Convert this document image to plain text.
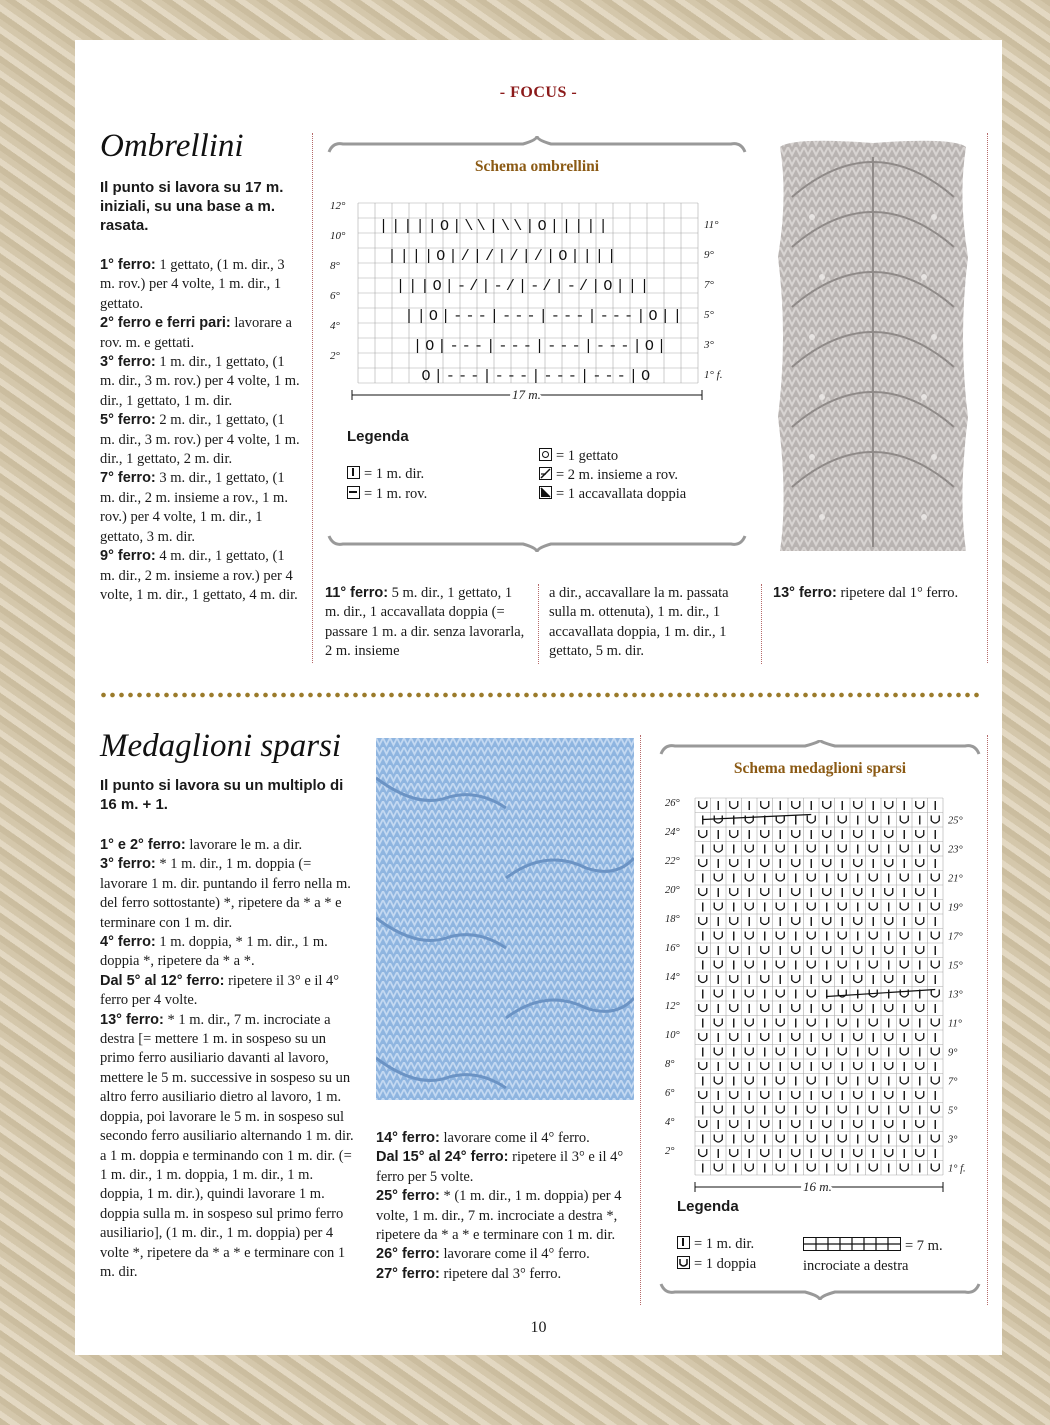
- FOCUS -
Ombrellini
Il punto si lavora su 17 m. iniziali, su una base a m. rasata.

1° ferro: 1 gettato, (1 m. dir., 3 m. rov.) per 4 volte, 1 m. dir., 1 gettato.

2° ferro e ferri pari: lavorare a rov. m. e gettati.

3° ferro: 1 m. dir., 1 gettato, (1 m. dir., 3 m. rov.) per 4 volte, 1 m. dir., 1 gettato, 1 m. dir.

5° ferro: 2 m. dir., 1 gettato, (1 m. dir., 3 m. rov.) per 4 volte, 1 m. dir., 1 gettato, 2 m. dir.

7° ferro: 3 m. dir., 1 gettato, (1 m. dir., 2 m. insieme a rov., 1 m. rov.) per 4 volte, 1 m. dir., 1 gettato, 3 m. dir.

9° ferro: 4 m. dir., 1 gettato, (1 m. dir., 2 m. insieme a rov.) per 4 volte, 1 m. dir., 1 gettato, 4 m. dir.

Schema ombrellini
12°
10°
8°
6°
4°
2°
11°
9°
7°
5°
3°
1° f.
|||||O|\\|\\|O|||||
||||O|/|/|/|/|O||||
|||O|-/|-/|-/|-/|O|||
||O|---|---|---|---|O||
|O|---|---|---|---|O|
O|---|---|---|---|O
17 m.
Legenda
= 1 m. dir.
= 1 m. rov.
= 1 gettato
= 2 m. insieme a rov.
= 1 accavallata doppia
11° ferro: 5 m. dir., 1 gettato, 1 m. dir., 1 accavallata doppia (= passare 1 m. a dir. senza lavorarla, 2 m. insieme
a dir., accavallare la m. passata sulla m. ottenuta), 1 m. dir., 1 accavallata doppia, 1 m. dir., 1 gettato, 5 m. dir.
13° ferro: ripetere dal 1° ferro.
Medaglioni sparsi
Il punto si lavora su un multiplo di 16 m. + 1.

1° e 2° ferro: lavorare le m. a dir.

3° ferro: * 1 m. dir., 1 m. doppia (= lavorare 1 m. dir. puntando il ferro nella m. del ferro sottostante) *, ripetere da * a * e terminare con 1 m. dir.

4° ferro: 1 m. doppia, * 1 m. dir., 1 m. doppia *, ripetere da * a *.

Dal 5° al 12° ferro: ripetere il 3° e il 4° ferro per 4 volte.

13° ferro: * 1 m. dir., 7 m. incrociate a destra [= mettere 1 m. in sospeso su un primo ferro ausiliario davanti al lavoro, mettere le 5 m. successive in sospeso su un altro ferro ausiliario dietro al lavoro, 1 m. doppia, poi lavorare le 5 m. in sospeso sul secondo ferro ausiliario alternando 1 m. dir. a 1 m. doppia e terminando con 1 m. dir. (= 1 m. dir., 1 m. doppia, 1 m. dir., 1 m. doppia, 1 m. dir.), quindi lavorare 1 m. doppia sulla m. in sospeso sul primo ferro ausiliario], (1 m. dir., 1 m. doppia) per 4 volte *, ripetere da * a * e terminare con 1 m. dir.

14° ferro: lavorare come il 4° ferro.

Dal 15° al 24° ferro: ripetere il 3° e il 4° ferro per 5 volte.

25° ferro: * (1 m. dir., 1 m. doppia) per 4 volte, 1 m. dir., 7 m. incrociate a destra *, ripetere da * a * e terminare con 1 m. dir.

26° ferro: lavorare come il 4° ferro.

27° ferro: ripetere dal 3° ferro.

Schema medaglioni sparsi
26°
24°
22°
20°
18°
16°
14°
12°
10°
8°
6°
4°
2°
25°
23°
21°
19°
17°
15°
13°
11°
9°
7°
5°
3°
1° f.
16 m.
Legenda
= 1 m. dir.
= 1 doppia
= 7 m. incrociate a destra
10
